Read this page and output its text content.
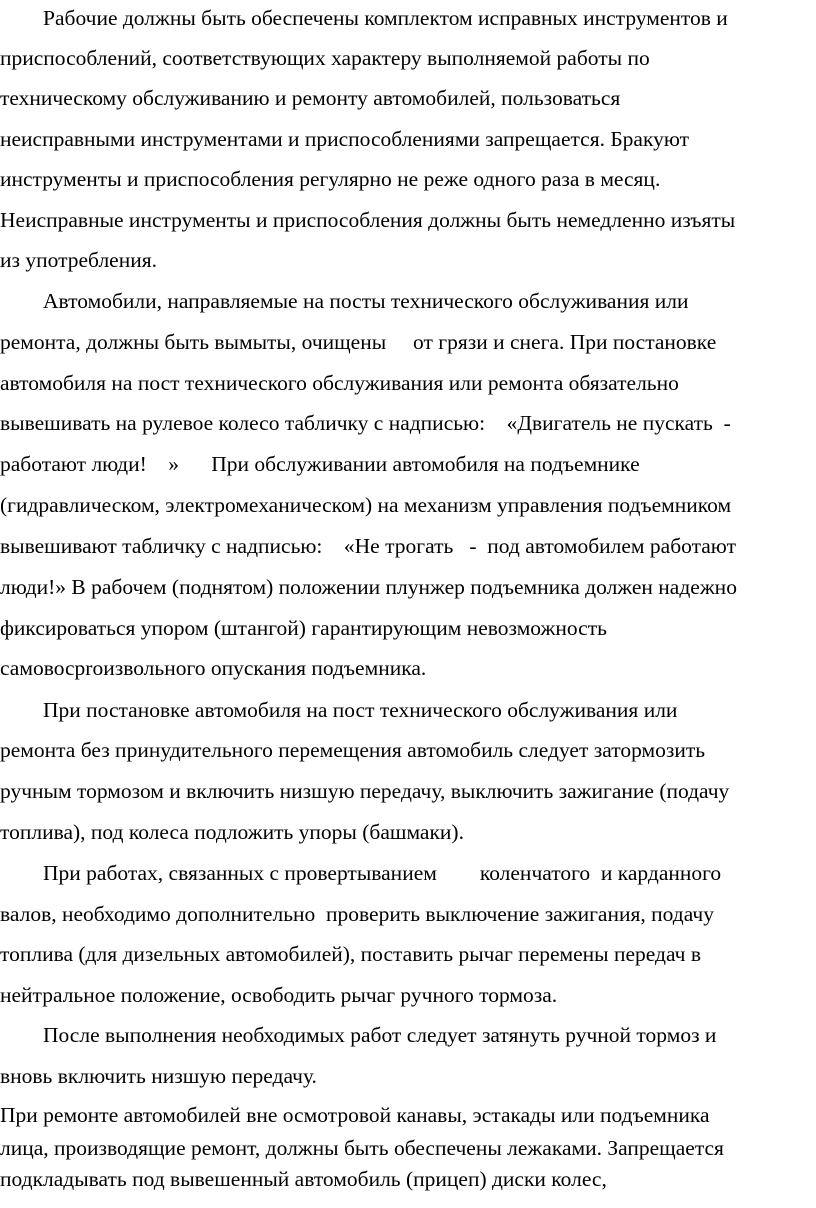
Рабочие должны быть обеспечены комплектом исправных инструментов и

приспособлений, соответствующих характеру выполняемой работы по

техническому обслуживанию и ремонту автомобилей, пользоваться

неисправными инструментами и приспособлениями запрещается. Бракуют

инструменты и приспособления регулярно не реже одного раза в месяц.

Неисправные инструменты и приспособления должны быть немедленно изъяты

из употребления.

Автомобили, направляемые на посты технического обслуживания или

ремонта, должны быть вымыты, очищены     от грязи и снега. При постановке

автомобиля на пост технического обслуживания или ремонта обязательно

вывешивать на рулевое колесо табличку с надписью:    «Двигатель не пускать  -

работают люди!    »      При обслуживании автомобиля на подъемнике

(гидравлическом, электромеханическом) на механизм управления подъемником

вывешивают табличку с надписью:    «Не трогать   -  под автомобилем работают

люди!» В рабочем (поднятом) положении плунжер подъемника должен надежно

фиксироваться упором (штангой) гарантирующим невозможность

самовосproизвольного опускания подъемника.

При постановке автомобиля на пост технического обслуживания или

ремонта без принудительного перемещения автомобиль следует затормозить

ручным тормозом и включить низшую передачу, выключить зажигание (подачу

топлива), под колеса подложить упоры (башмаки).

При работах, связанных с провертыванием        коленчатого  и карданного

валов, необходимо дополнительно  проверить выключение зажигания, подачу

топлива (для дизельных автомобилей), поставить рычаг перемены передач в

нейтральное положение, освободить рычаг ручного тормоза.

После выполнения необходимых работ следует затянуть ручной тормоз и

вновь включить низшую передачу.

При ремонте автомобилей вне осмотровой канавы, эстакады или подъемника

лица, производящие ремонт, должны быть обеспечены лежаками. Запрещается

подкладывать под вывешенный автомобиль (прицеп) диски колес,
